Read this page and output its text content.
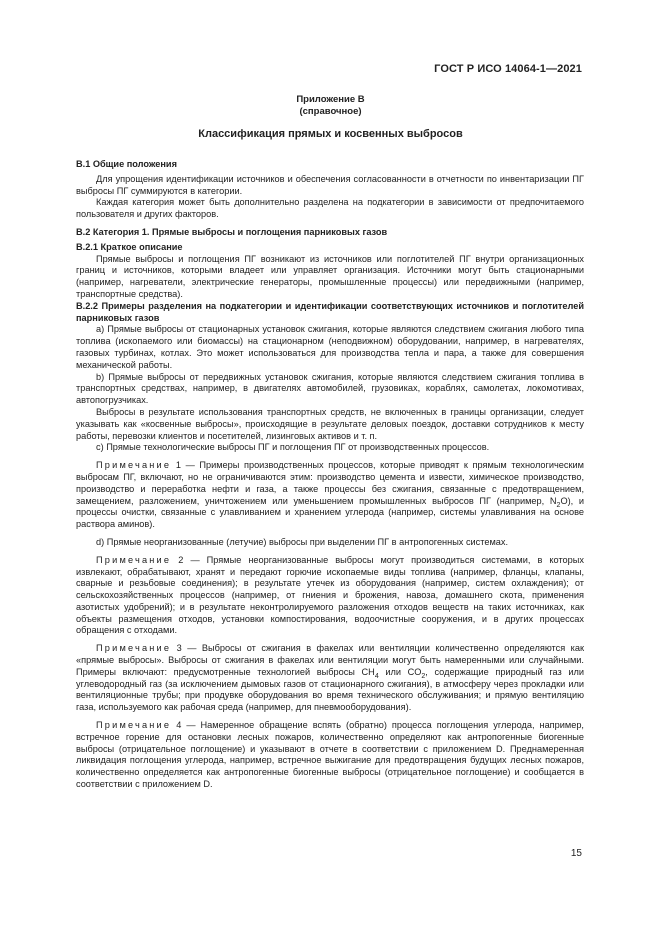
ГОСТ Р ИСО 14064-1—2021
Приложение B
(справочное)
Классификация прямых и косвенных выбросов

B.1 Общие положения

Для упрощения идентификации источников и обеспечения согласованности в отчетности по инвентаризации ПГ выбросы ПГ суммируются в категории.

Каждая категория может быть дополнительно разделена на подкатегории в зависимости от предпочитаемого пользователя и других факторов.

B.2 Категория 1. Прямые выбросы и поглощения парниковых газов

B.2.1 Краткое описание

Прямые выбросы и поглощения ПГ возникают из источников или поглотителей ПГ внутри организационных границ и источников, которыми владеет или управляет организация. Источники могут быть стационарными (например, нагреватели, электрические генераторы, промышленные процессы) или передвижными (например, транспортные средства).

B.2.2 Примеры разделения на подкатегории и идентификации соответствующих источников и поглотителей парниковых газов

a) Прямые выбросы от стационарных установок сжигания, которые являются следствием сжигания любого типа топлива (ископаемого или биомассы) на стационарном (неподвижном) оборудовании, например, в нагревателях, газовых турбинах, котлах. Это может использоваться для производства тепла и пара, а также для совершения механической работы.

b) Прямые выбросы от передвижных установок сжигания, которые являются следствием сжигания топлива в транспортных средствах, например, в двигателях автомобилей, грузовиках, кораблях, самолетах, локомотивах, автопогрузчиках.

Выбросы в результате использования транспортных средств, не включенных в границы организации, следует указывать как «косвенные выбросы», происходящие в результате деловых поездок, доставки сотрудников к месту работы, перевозки клиентов и посетителей, лизинговых активов и т. п.

c) Прямые технологические выбросы ПГ и поглощения ПГ от производственных процессов.

Примечание 1 — Примеры производственных процессов, которые приводят к прямым технологическим выбросам ПГ, включают, но не ограничиваются этим: производство цемента и извести, химическое производство, производство и переработка нефти и газа, а также процессы без сжигания, связанные с предотвращением, замещением, разложением, уничтожением или уменьшением промышленных выбросов ПГ (например, $N_2O$), и процессы очистки, связанные с улавливанием и хранением углерода (например, системы улавливания на основе раствора аминов).

d) Прямые неорганизованные (летучие) выбросы при выделении ПГ в антропогенных системах.

Примечание 2 — Прямые неорганизованные выбросы могут производиться системами, в которых извлекают, обрабатывают, хранят и передают горючие ископаемые виды топлива (например, фланцы, клапаны, сварные и резьбовые соединения); в результате утечек из оборудования (например, систем охлаждения); от сельскохозяйственных процессов (например, от гниения и брожения, навоза, домашнего скота, применения азотистых удобрений); и в результате неконтролируемого разложения отходов веществ на таких источниках, как объекты размещения отходов, установки компостирования, водоочистные сооружения, и в других процессах обращения с отходами.

Примечание 3 — Выбросы от сжигания в факелах или вентиляции количественно определяются как «прямые выбросы». Выбросы от сжигания в факелах или вентиляции могут быть намеренными или случайными. Примеры включают: предусмотренные технологией выбросы $CH_4$ или $CO_2$, содержащие природный газ или углеводородный газ (за исключением дымовых газов от стационарного сжигания), в атмосферу через прокладки или вентиляционные трубы; при продувке оборудования во время технического обслуживания; и прямую вентиляцию газа, используемого как рабочая среда (например, для пневмооборудования).

Примечание 4 — Намеренное обращение вспять (обратно) процесса поглощения углерода, например, встречное горение для остановки лесных пожаров, количественно определяют как антропогенные биогенные выбросы (отрицательное поглощение) и указывают в отчете в соответствии с приложением D. Преднамеренная ликвидация поглощения углерода, например, встречное выжигание для предотвращения будущих лесных пожаров, количественно определяется как антропогенные биогенные выбросы (отрицательное поглощение) и сообщается в соответствии с приложением D.

15
